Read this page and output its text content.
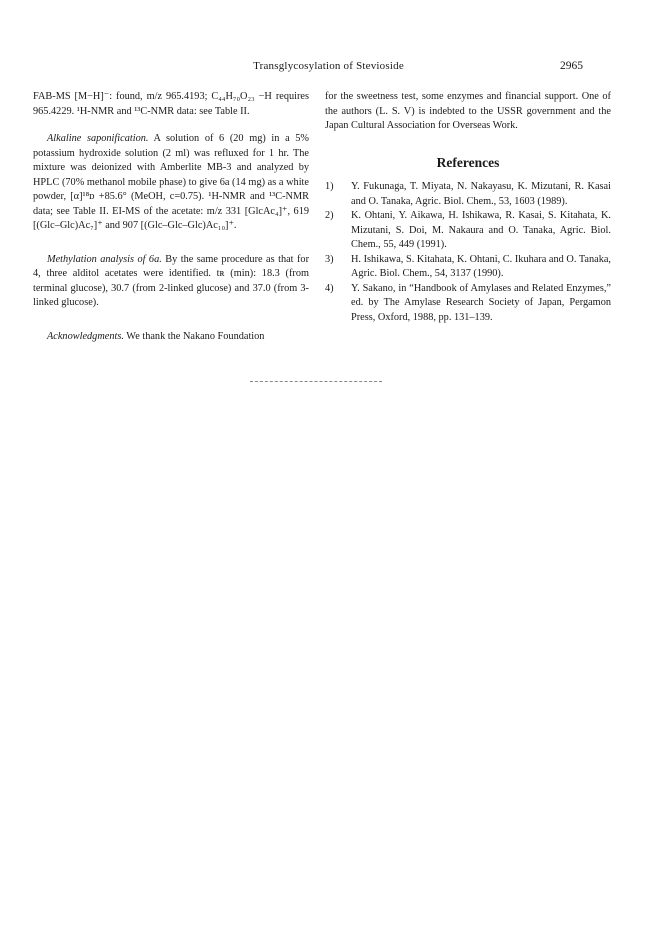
Transglycosylation of Stevioside	2965

FAB-MS [M−H]⁻: found, m/z 965.4193; C₄₄H₇₀O₂₃ −H requires 965.4229. ¹H-NMR and ¹³C-NMR data: see Table II.

Alkaline saponification. A solution of 6 (20 mg) in a 5% potassium hydroxide solution (2 ml) was refluxed for 1 hr. The mixture was deionized with Amberlite MB-3 and analyzed by HPLC (70% methanol mobile phase) to give 6a (14 mg) as a white powder, [α]¹⁸ᴅ +85.6° (MeOH, c=0.75). ¹H-NMR and ¹³C-NMR data; see Table II. EI-MS of the acetate: m/z 331 [GlcAc₄]⁺, 619 [(Glc–Glc)Ac₇]⁺ and 907 [(Glc–Glc–Glc)Ac₁₀]⁺.

Methylation analysis of 6a. By the same procedure as that for 4, three alditol acetates were identified. tʀ (min): 18.3 (from terminal glucose), 30.7 (from 2-linked glucose) and 37.0 (from 3-linked glucose).

Acknowledgments. We thank the Nakano Foundation

for the sweetness test, some enzymes and financial support. One of the authors (L. S. V) is indebted to the USSR government and the Japan Cultural Association for Overseas Work.

References
1)	Y. Fukunaga, T. Miyata, N. Nakayasu, K. Mizutani, R. Kasai and O. Tanaka, Agric. Biol. Chem., 53, 1603 (1989).
2)	K. Ohtani, Y. Aikawa, H. Ishikawa, R. Kasai, S. Kitahata, K. Mizutani, S. Doi, M. Nakaura and O. Tanaka, Agric. Biol. Chem., 55, 449 (1991).
3)	H. Ishikawa, S. Kitahata, K. Ohtani, C. Ikuhara and O. Tanaka, Agric. Biol. Chem., 54, 3137 (1990).
4)	Y. Sakano, in “Handbook of Amylases and Related Enzymes,” ed. by The Amylase Research Society of Japan, Pergamon Press, Oxford, 1988, pp. 131–139.
